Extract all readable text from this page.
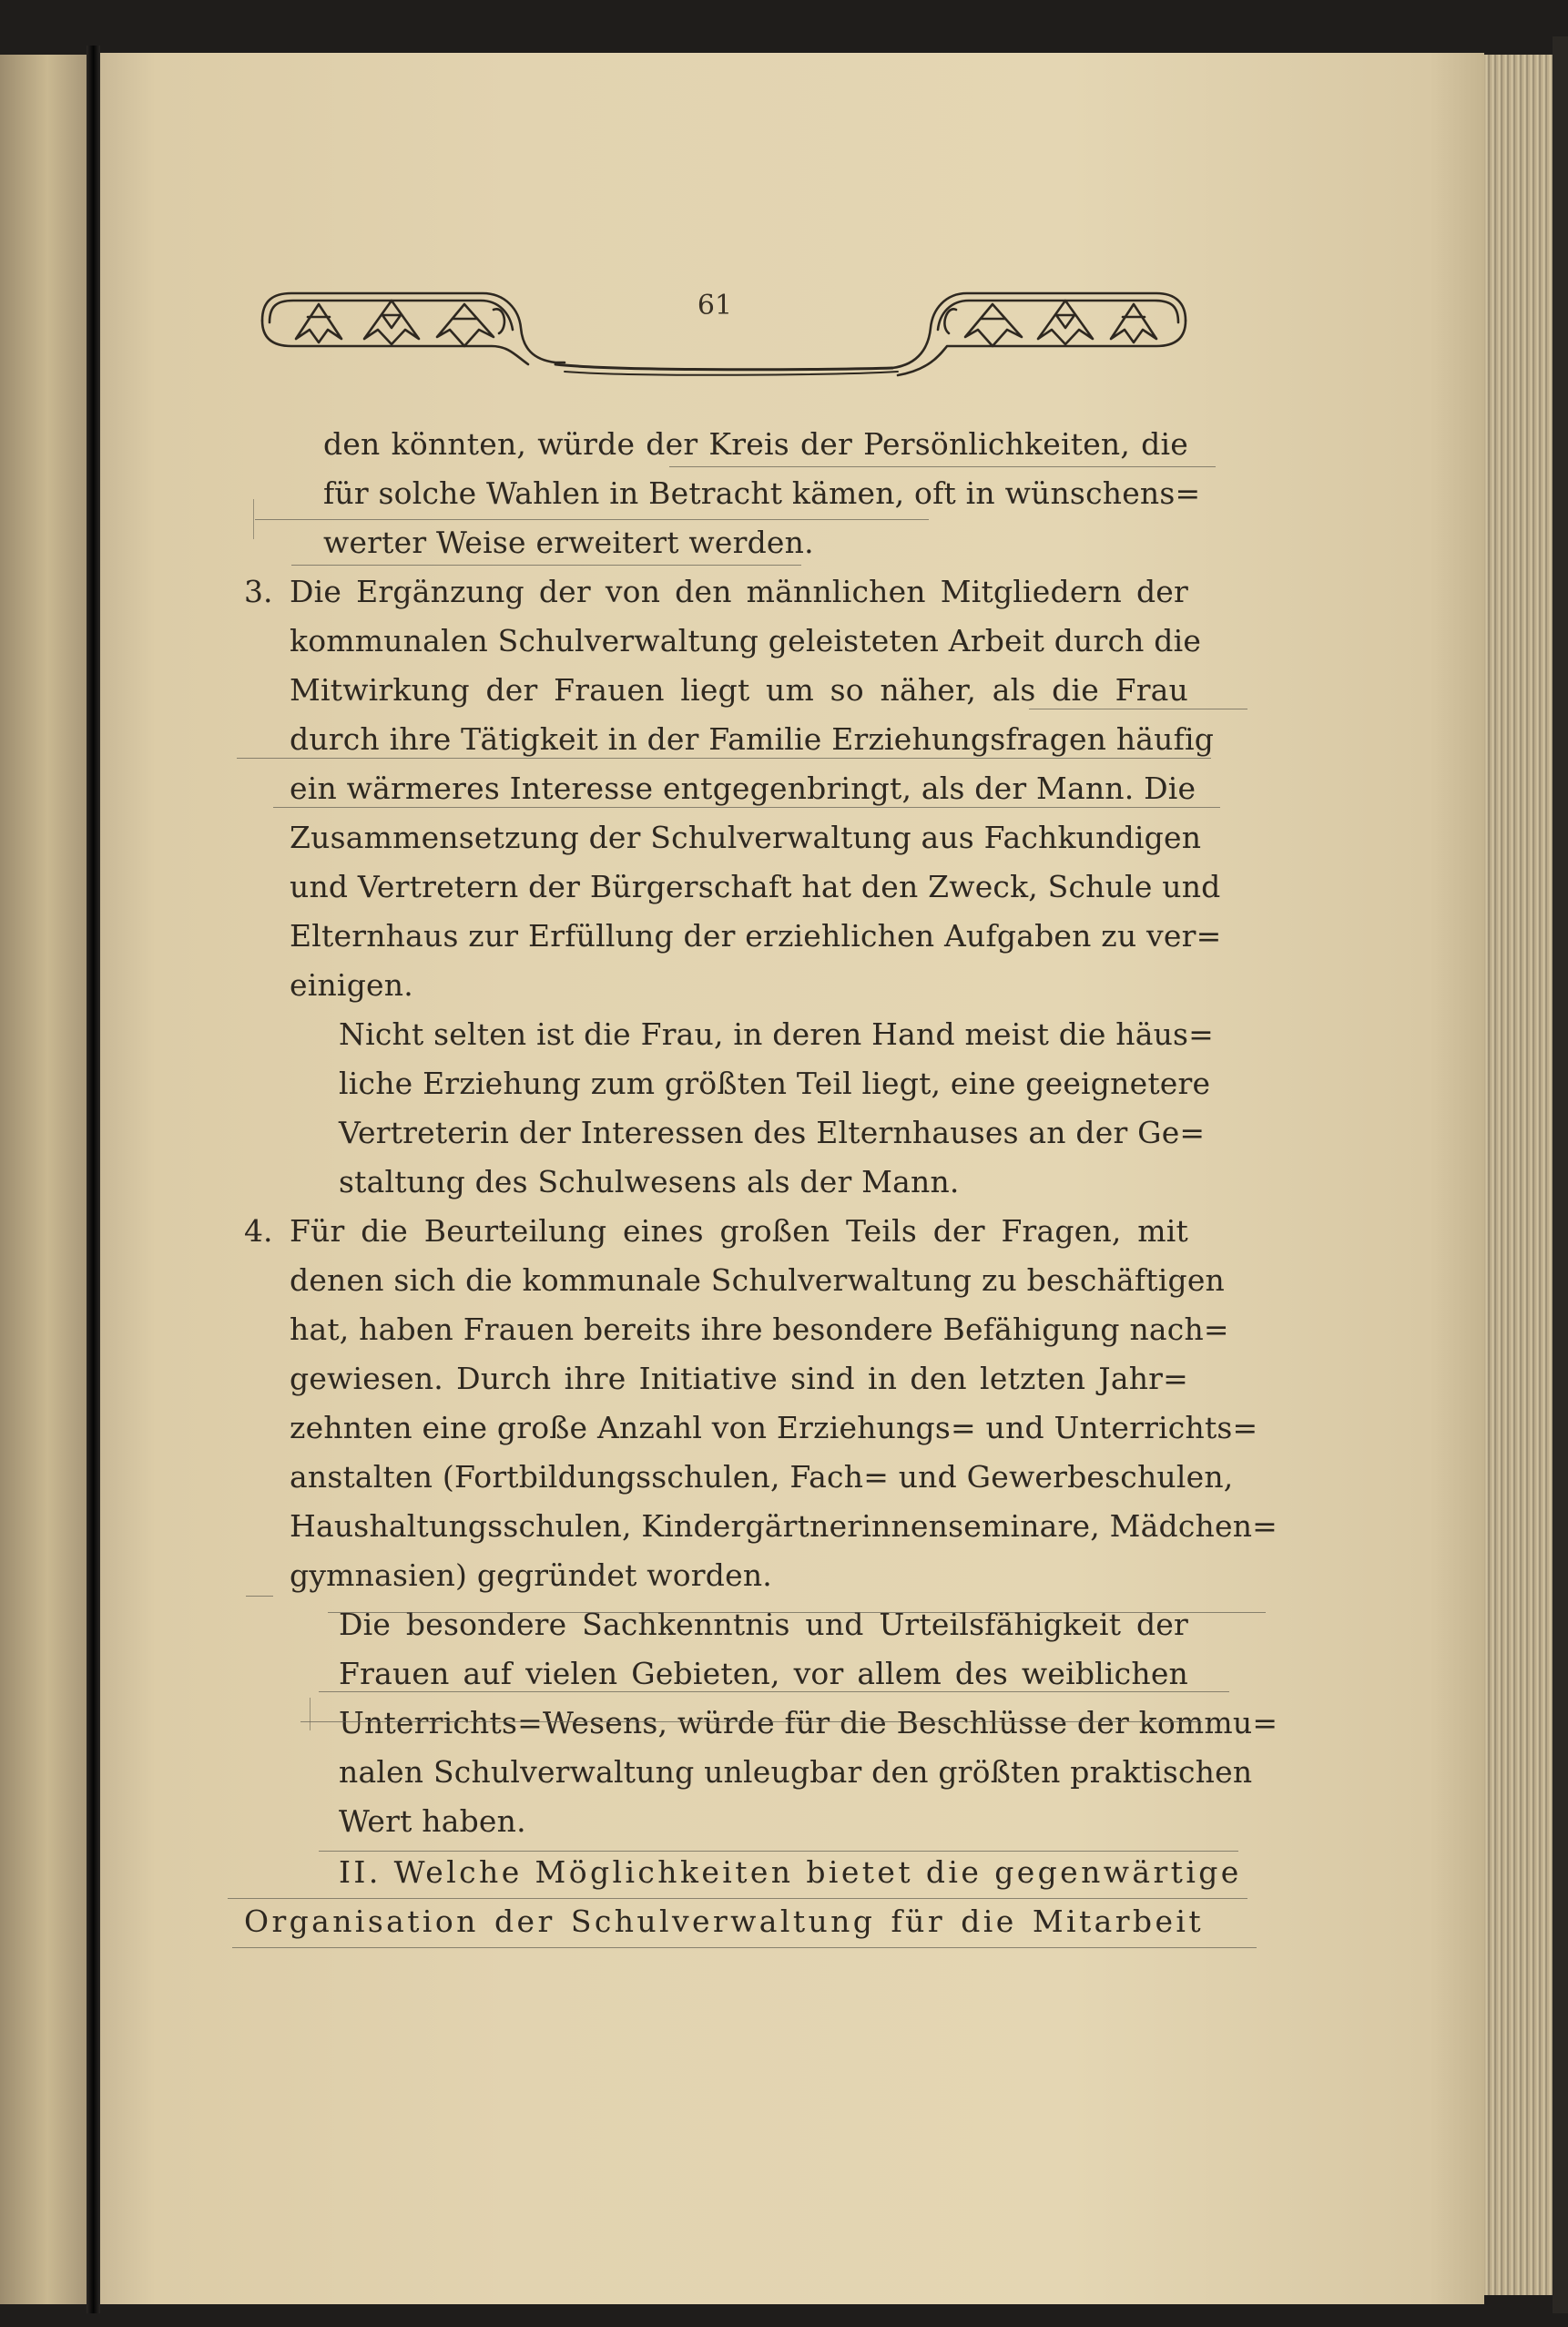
61
den könnten, würde der Kreis der Persönlichkeiten, die
für solche Wahlen in Betracht kämen, oft in wünschens=
werter Weise erweitert werden.
3. Die Ergänzung der von den männlichen Mitgliedern der
kommunalen Schulverwaltung geleisteten Arbeit durch die
Mitwirkung der Frauen liegt um so näher, als die Frau
durch ihre Tätigkeit in der Familie Erziehungsfragen häufig
ein wärmeres Interesse entgegenbringt, als der Mann. Die
Zusammensetzung der Schulverwaltung aus Fachkundigen
und Vertretern der Bürgerschaft hat den Zweck, Schule und
Elternhaus zur Erfüllung der erziehlichen Aufgaben zu ver=
einigen.
Nicht selten ist die Frau, in deren Hand meist die häus=
liche Erziehung zum größten Teil liegt, eine geeignetere
Vertreterin der Interessen des Elternhauses an der Ge=
staltung des Schulwesens als der Mann.
4. Für die Beurteilung eines großen Teils der Fragen, mit
denen sich die kommunale Schulverwaltung zu beschäftigen
hat, haben Frauen bereits ihre besondere Befähigung nach=
gewiesen. Durch ihre Initiative sind in den letzten Jahr=
zehnten eine große Anzahl von Erziehungs= und Unterrichts=
anstalten (Fortbildungsschulen, Fach= und Gewerbeschulen,
Haushaltungsschulen, Kindergärtnerinnenseminare, Mädchen=
gymnasien) gegründet worden.
Die besondere Sachkenntnis und Urteilsfähigkeit der
Frauen auf vielen Gebieten, vor allem des weiblichen
Unterrichts=Wesens, würde für die Beschlüsse der kommu=
nalen Schulverwaltung unleugbar den größten praktischen
Wert haben.
II. Welche Möglichkeiten bietet die gegenwärtige
Organisation der Schulverwaltung für die Mitarbeit
